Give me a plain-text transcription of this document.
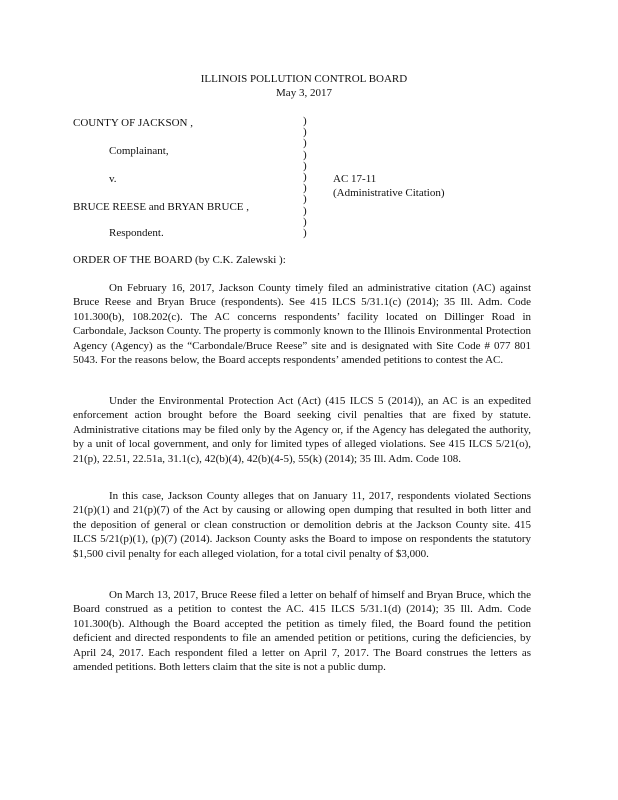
ILLINOIS POLLUTION CONTROL BOARD
May 3, 2017
COUNTY OF JACKSON ,
Complainant,
v.
BRUCE REESE and BRYAN BRUCE ,
Respondent.
AC 17-11
(Administrative Citation)
)
)
)
)
)
)
)
)
)
)
)
ORDER OF THE BOARD (by C.K. Zalewski ):

On February 16, 2017, Jackson County timely filed an administrative citation (AC) against Bruce Reese and Bryan Bruce (respondents). See 415 ILCS 5/31.1(c) (2014); 35 Ill. Adm. Code 101.300(b), 108.202(c). The AC concerns respondents’ facility located on Dillinger Road in Carbondale, Jackson County. The property is commonly known to the Illinois Environmental Protection Agency (Agency) as the “Carbondale/Bruce Reese” site and is designated with Site Code # 077 801 5043. For the reasons below, the Board accepts respondents’ amended petitions to contest the AC.

Under the Environmental Protection Act (Act) (415 ILCS 5 (2014)), an AC is an expedited enforcement action brought before the Board seeking civil penalties that are fixed by statute. Administrative citations may be filed only by the Agency or, if the Agency has delegated the authority, by a unit of local government, and only for limited types of alleged violations. See 415 ILCS 5/21(o), 21(p), 22.51, 22.51a, 31.1(c), 42(b)(4), 42(b)(4-5), 55(k) (2014); 35 Ill. Adm. Code 108.

In this case, Jackson County alleges that on January 11, 2017, respondents violated Sections 21(p)(1) and 21(p)(7) of the Act by causing or allowing open dumping that resulted in both litter and the deposition of general or clean construction or demolition debris at the Jackson County site. 415 ILCS 5/21(p)(1), (p)(7) (2014). Jackson County asks the Board to impose on respondents the statutory $1,500 civil penalty for each alleged violation, for a total civil penalty of $3,000.

On March 13, 2017, Bruce Reese filed a letter on behalf of himself and Bryan Bruce, which the Board construed as a petition to contest the AC. 415 ILCS 5/31.1(d) (2014); 35 Ill. Adm. Code 101.300(b). Although the Board accepted the petition as timely filed, the Board found the petition deficient and directed respondents to file an amended petition or petitions, curing the deficiencies, by April 24, 2017. Each respondent filed a letter on April 7, 2017. The Board construes the letters as amended petitions. Both letters claim that the site is not a public dump.
